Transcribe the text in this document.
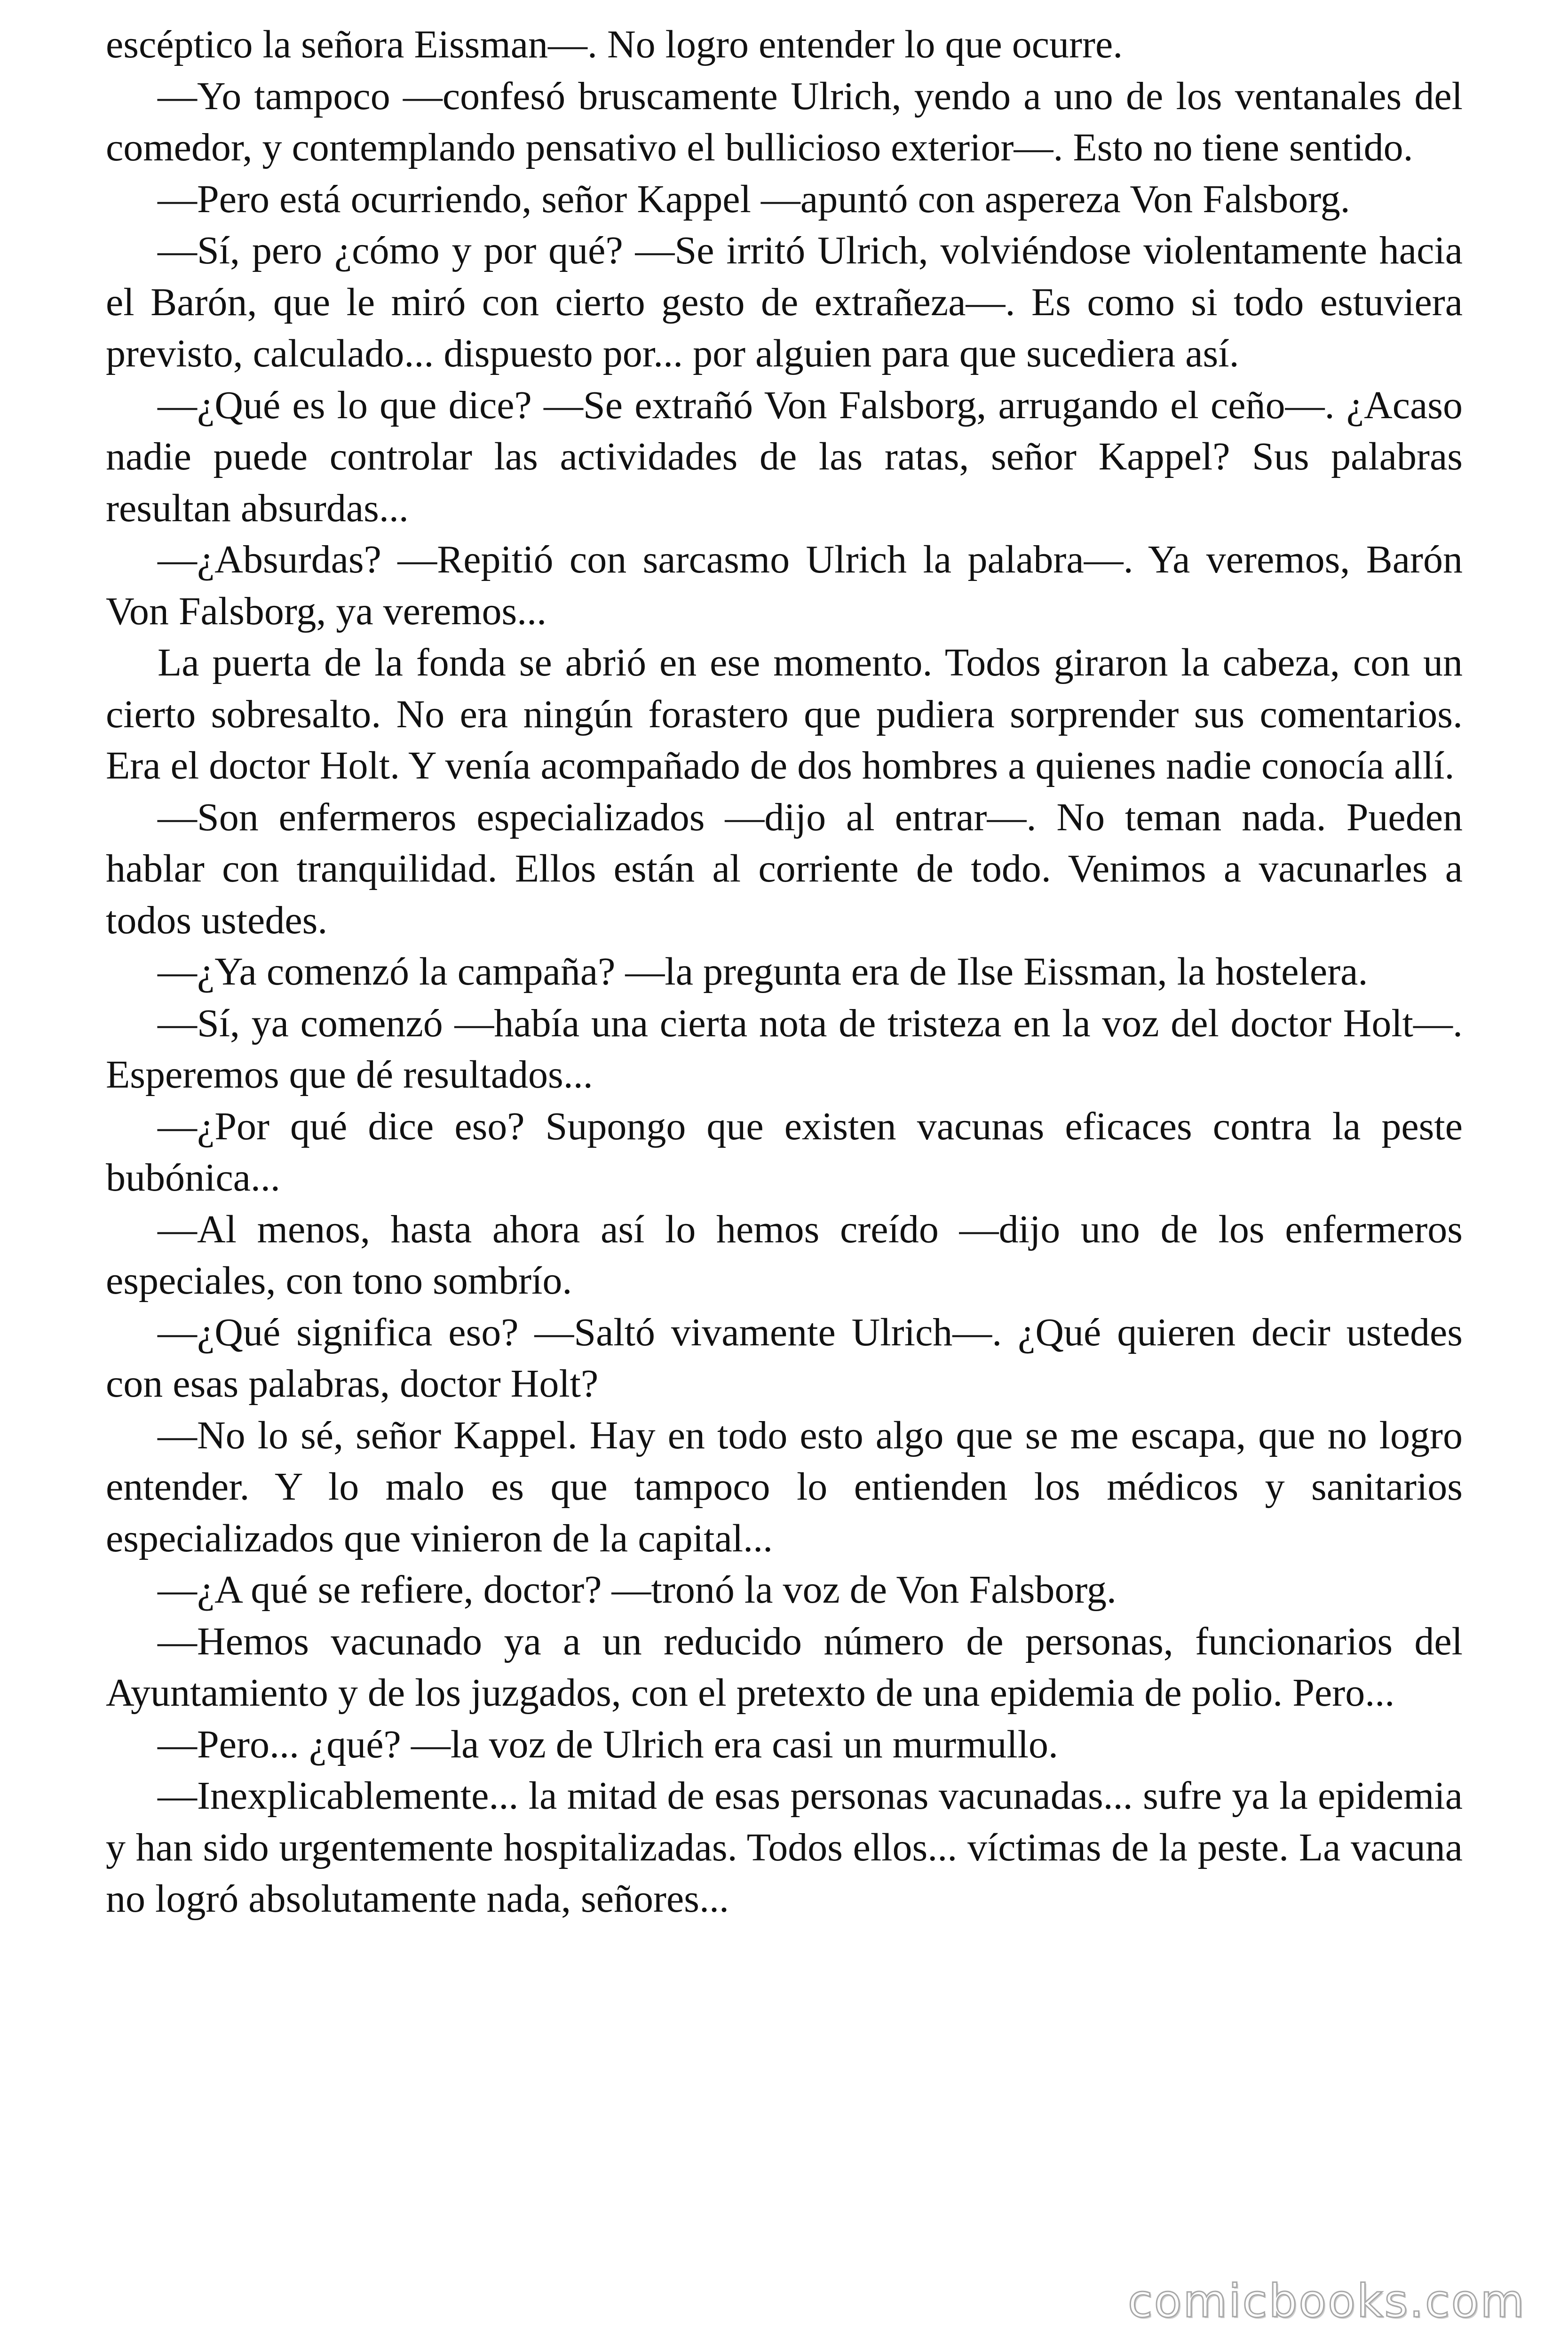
escéptico la señora Eissman—. No logro entender lo que ocurre.

—Yo tampoco —confesó bruscamente Ulrich, yendo a uno de los ventanales del comedor, y contemplando pensativo el bullicioso exterior—. Esto no tiene sentido.

—Pero está ocurriendo, señor Kappel —apuntó con aspereza Von Falsborg.

—Sí, pero ¿cómo y por qué? —Se irritó Ulrich, volviéndose violentamente hacia el Barón, que le miró con cierto gesto de extrañeza—. Es como si todo estuviera previsto, calculado... dispuesto por... por alguien para que sucediera así.

—¿Qué es lo que dice? —Se extrañó Von Falsborg, arrugando el ceño—. ¿Acaso nadie puede controlar las actividades de las ratas, señor Kappel? Sus palabras resultan absurdas...

—¿Absurdas? —Repitió con sarcasmo Ulrich la palabra—. Ya veremos, Barón Von Falsborg, ya veremos...

La puerta de la fonda se abrió en ese momento. Todos giraron la cabeza, con un cierto sobresalto. No era ningún forastero que pudiera sorprender sus comentarios. Era el doctor Holt. Y venía acompañado de dos hombres a quienes nadie conocía allí.

—Son enfermeros especializados —dijo al entrar—. No teman nada. Pueden hablar con tranquilidad. Ellos están al corriente de todo. Venimos a vacunarles a todos ustedes.

—¿Ya comenzó la campaña? —la pregunta era de Ilse Eissman, la hostelera.

—Sí, ya comenzó —había una cierta nota de tristeza en la voz del doctor Holt—. Esperemos que dé resultados...

—¿Por qué dice eso? Supongo que existen vacunas eficaces contra la peste bubónica...

—Al menos, hasta ahora así lo hemos creído —dijo uno de los enfermeros especiales, con tono sombrío.

—¿Qué significa eso? —Saltó vivamente Ulrich—. ¿Qué quieren decir ustedes con esas palabras, doctor Holt?

—No lo sé, señor Kappel. Hay en todo esto algo que se me escapa, que no logro entender. Y lo malo es que tampoco lo entienden los médicos y sanitarios especializados que vinieron de la capital...

—¿A qué se refiere, doctor? —tronó la voz de Von Falsborg.

—Hemos vacunado ya a un reducido número de personas, funcionarios del Ayuntamiento y de los juzgados, con el pretexto de una epidemia de polio. Pero...

—Pero... ¿qué? —la voz de Ulrich era casi un murmullo.

—Inexplicablemente... la mitad de esas personas vacunadas... sufre ya la epidemia y han sido urgentemente hospitalizadas. Todos ellos... víctimas de la peste. La vacuna no logró absolutamente nada, señores...

comicbooks.com
